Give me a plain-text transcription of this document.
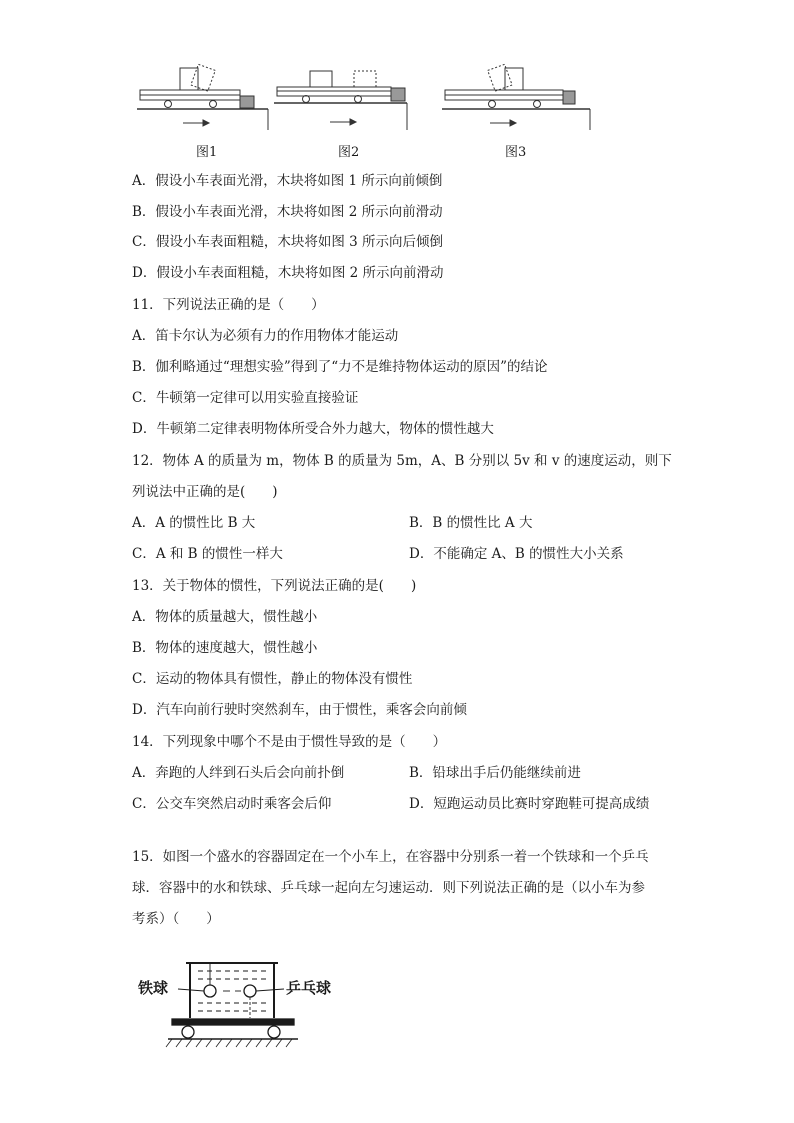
图1	图2	图3
A．假设小车表面光滑，木块将如图 1 所示向前倾倒
B．假设小车表面光滑，木块将如图 2 所示向前滑动
C．假设小车表面粗糙，木块将如图 3 所示向后倾倒
D．假设小车表面粗糙，木块将如图 2 所示向前滑动
11．下列说法正确的是（　　）
A．笛卡尔认为必须有力的作用物体才能运动
B．伽利略通过“理想实验”得到了“力不是维持物体运动的原因”的结论
C．牛顿第一定律可以用实验直接验证
D．牛顿第二定律表明物体所受合外力越大，物体的惯性越大
12．物体 A 的质量为 m，物体 B 的质量为 5m，A、B 分别以 5v 和 v 的速度运动，则下
列说法中正确的是(　　)
A．A 的惯性比 B 大	B．B 的惯性比 A 大
C．A 和 B 的惯性一样大	D．不能确定 A、B 的惯性大小关系
13．关于物体的惯性，下列说法正确的是(　　)
A．物体的质量越大，惯性越小
B．物体的速度越大，惯性越小
C．运动的物体具有惯性，静止的物体没有惯性
D．汽车向前行驶时突然刹车，由于惯性，乘客会向前倾
14．下列现象中哪个不是由于惯性导致的是（　　）
A．奔跑的人绊到石头后会向前扑倒	B．铅球出手后仍能继续前进
C．公交车突然启动时乘客会后仰	D．短跑运动员比赛时穿跑鞋可提高成绩
15．如图一个盛水的容器固定在一个小车上，在容器中分别系一着一个铁球和一个乒乓
球．容器中的水和铁球、乒乓球一起向左匀速运动．则下列说法正确的是（以小车为参
考系）（　　）
铁球	乒乓球
